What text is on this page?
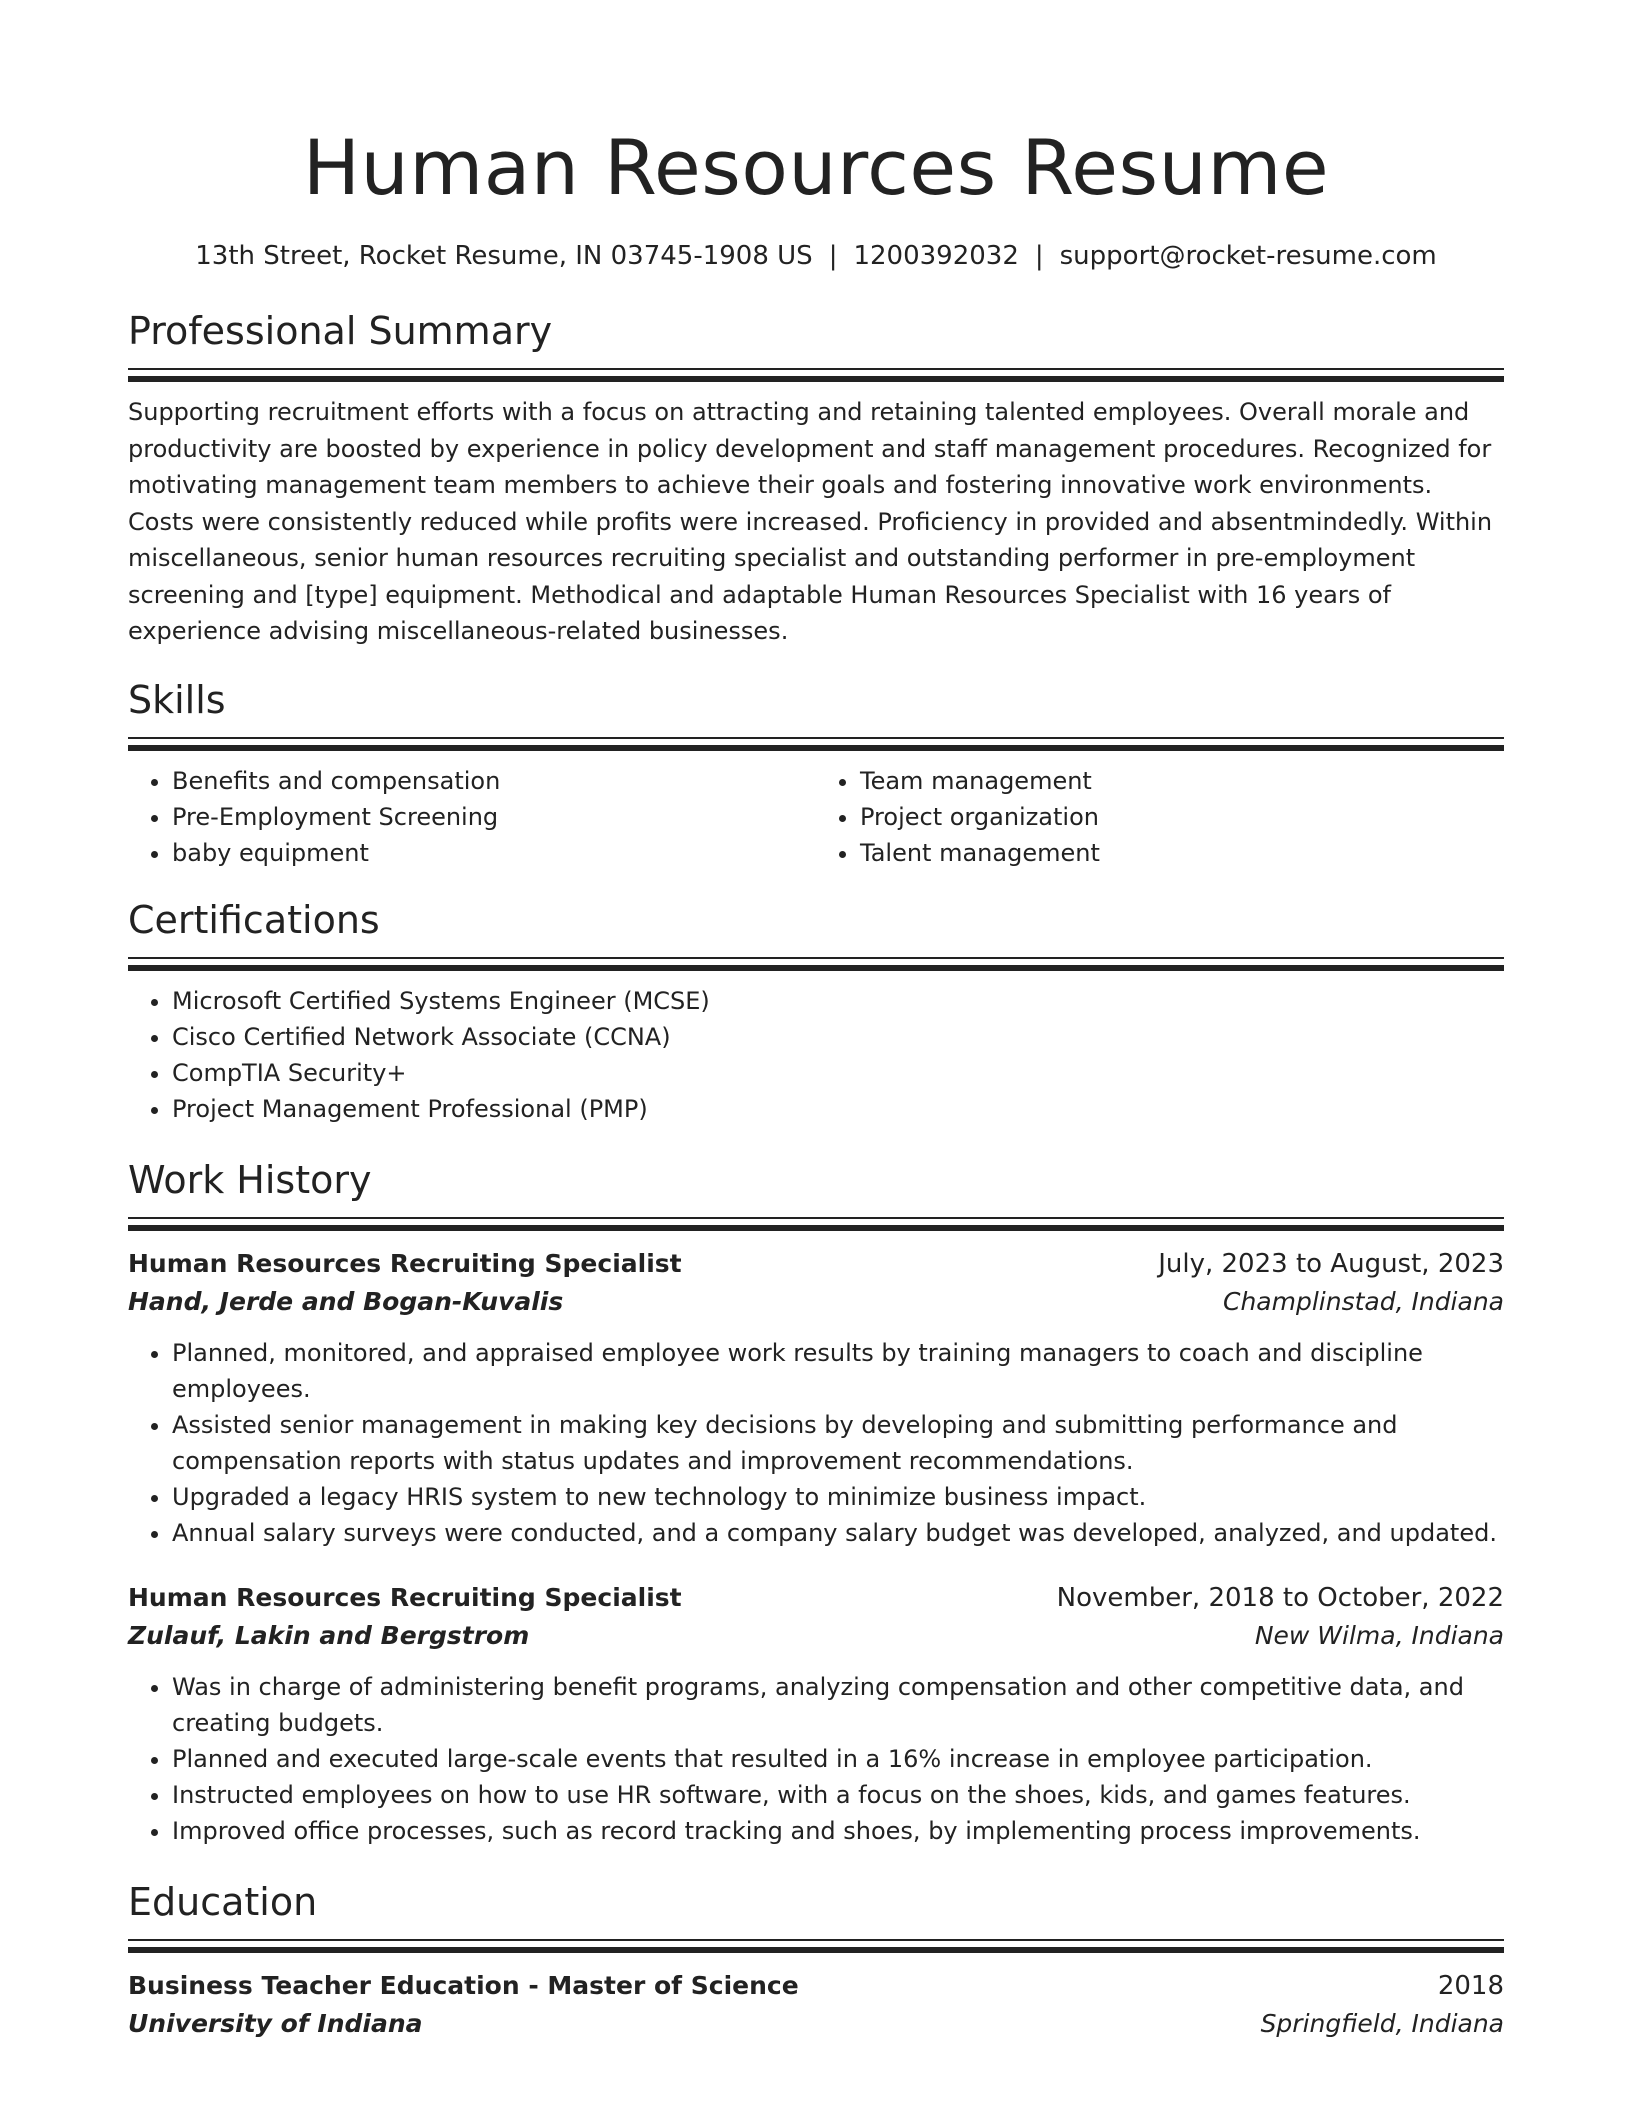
Human Resources Resume
13th Street, Rocket Resume, IN 03745-1908 US | 1200392032 | support@rocket-resume.com
Professional Summary
Supporting recruitment efforts with a focus on attracting and retaining talented employees. Overall morale and productivity are boosted by experience in policy development and staff management procedures. Recognized for motivating management team members to achieve their goals and fostering innovative work environments. Costs were consistently reduced while profits were increased. Proficiency in provided and absentmindedly. Within miscellaneous, senior human resources recruiting specialist and outstanding performer in pre-employment screening and [type] equipment. Methodical and adaptable Human Resources Specialist with 16 years of experience advising miscellaneous-related businesses.
Skills
• Benefits and compensation
• Pre-Employment Screening
• baby equipment
• Team management
• Project organization
• Talent management
Certifications
• Microsoft Certified Systems Engineer (MCSE)
• Cisco Certified Network Associate (CCNA)
• CompTIA Security+
• Project Management Professional (PMP)
Work History
Human Resources Recruiting Specialist	July, 2023 to August, 2023
Hand, Jerde and Bogan-Kuvalis	Champlinstad, Indiana
• Planned, monitored, and appraised employee work results by training managers to coach and discipline employees.
• Assisted senior management in making key decisions by developing and submitting performance and compensation reports with status updates and improvement recommendations.
• Upgraded a legacy HRIS system to new technology to minimize business impact.
• Annual salary surveys were conducted, and a company salary budget was developed, analyzed, and updated.
Human Resources Recruiting Specialist	November, 2018 to October, 2022
Zulauf, Lakin and Bergstrom	New Wilma, Indiana
• Was in charge of administering benefit programs, analyzing compensation and other competitive data, and creating budgets.
• Planned and executed large-scale events that resulted in a 16% increase in employee participation.
• Instructed employees on how to use HR software, with a focus on the shoes, kids, and games features.
• Improved office processes, such as record tracking and shoes, by implementing process improvements.
Education
Business Teacher Education - Master of Science	2018
University of Indiana	Springfield, Indiana
